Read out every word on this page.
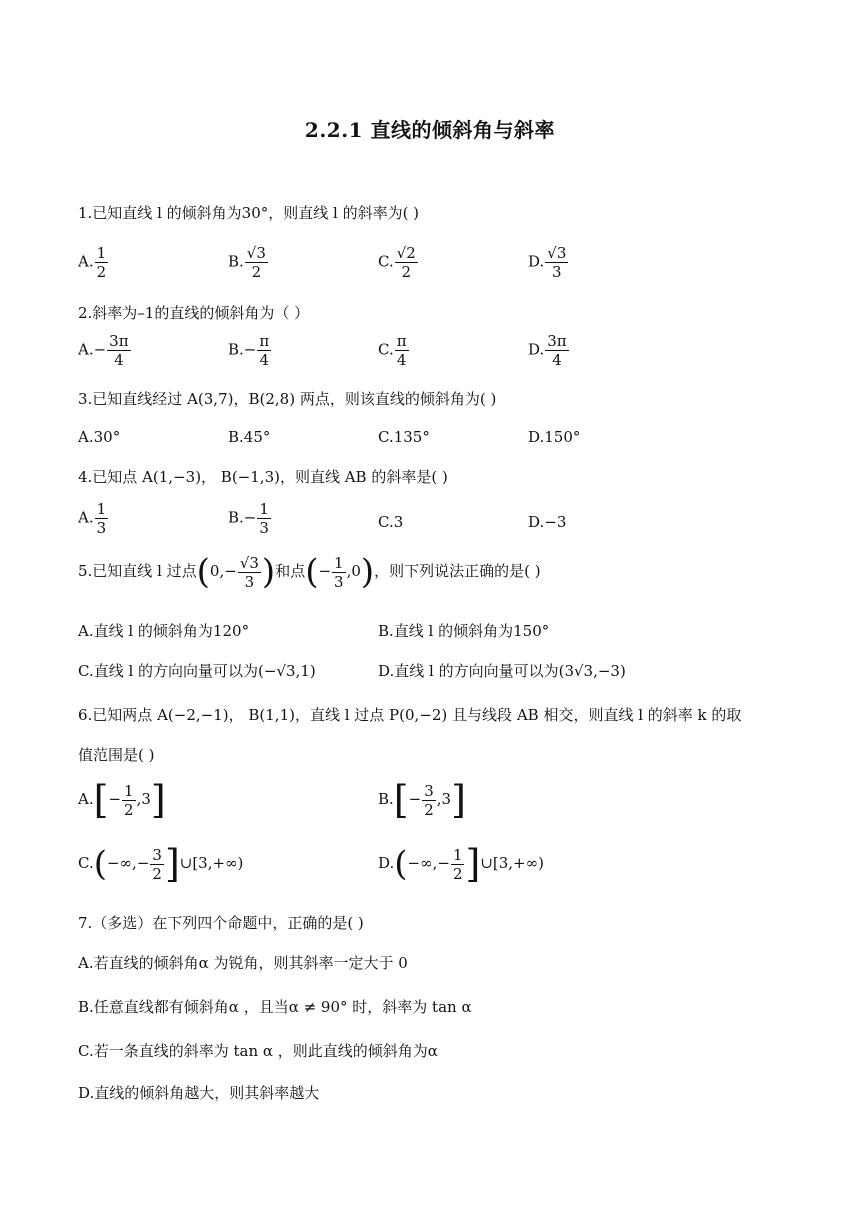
2.2.1 直线的倾斜角与斜率
1.已知直线 l 的倾斜角为30°，则直线 l 的斜率为( )
A. $\frac{1}{2}$	B. $\frac{√3}{2}$	C. $\frac{√2}{2}$	D. $\frac{√3}{3}$
2.斜率为–1的直线的倾斜角为（ ）
$A.- \frac{3\pi}{4}$	$B.- \frac{\pi}{4}$	C. $\frac{\pi}{4}$	D. $\frac{3\pi}{4}$
3.已知直线经过 A(3,7)，B(2,8) 两点，则该直线的倾斜角为( )
A.30°	B.45°	C.135°	D.150°
4.已知点 A(1,−3)， B(−1,3)，则直线 AB 的斜率是( )
A. $\frac{1}{3}$	$B.- \frac{1}{3}$	C.3	D.−3
5.已知直线 l 过点($0,- \frac{√3}{3}$ )和点(− $\frac{1}{3} ,0$)，则下列说法正确的是( )
A.直线 l 的倾斜角为120°	B.直线 l 的倾斜角为150°
C.直线 l 的方向向量可以为(−√3,1)	D.直线 l 的方向向量可以为(3√3,−3)
6.已知两点 A(−2,−1)， B(1,1)，直线 l 过点 P(0,−2) 且与线段 AB 相交，则直线 l 的斜率 k 的取
值范围是( )
$A.[- \frac{1}{2} ,3]$	$B.[- \frac{3}{2} ,3]$
$C.(-\infty,- \frac{3}{2}$ ]∪[3,+∞)	$D.(-\infty,- \frac{1}{2}$ ]∪[3,+∞)
7.（多选）在下列四个命题中，正确的是( )
A.若直线的倾斜角α 为锐角，则其斜率一定大于 0
B.任意直线都有倾斜角α ，且当α ≠ 90° 时，斜率为 tan α
C.若一条直线的斜率为 tan α ，则此直线的倾斜角为α
D.直线的倾斜角越大，则其斜率越大
